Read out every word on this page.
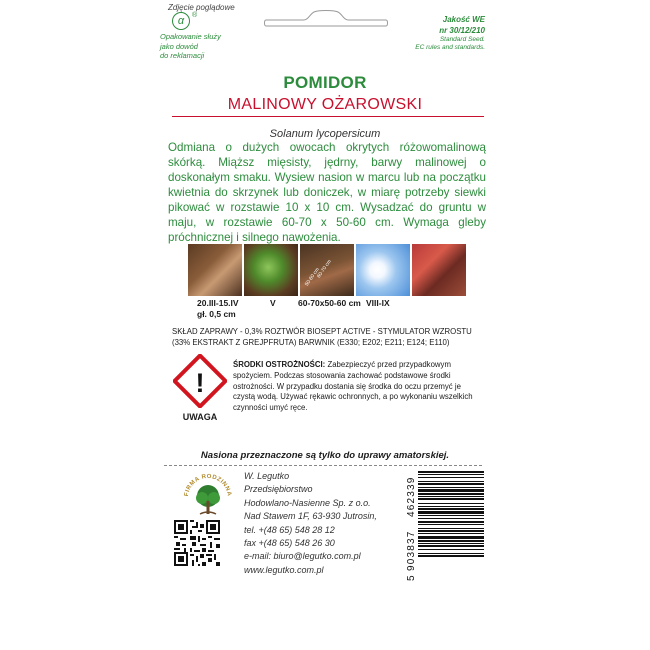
Zdjęcie poglądowe
α	®
Opakowanie służy
jako dowód
do reklamacji
Jakość WE
nr 30/12/210
Standard Seed.
EC rules and standards.
POMIDOR
MALINOWY OŻAROWSKI
Solanum lycopersicum
Odmiana o dużych owocach okrytych różowomalinową skórką. Miąższ mięsisty, jędrny, barwy malinowej o doskonałym smaku. Wysiew nasion w marcu lub na początku kwietnia do skrzynek lub doniczek, w miarę potrzeby siewki pikować w rozstawie 10 x 10 cm. Wysadzać do gruntu w maju, w rozstawie 60-70 x 50-60 cm. Wymaga gleby próchnicznej i silnego nawożenia.
60-70 cm
50-60 cm
20.III-15.IV
gł. 0,5 cm
V	60-70x50-60 cm VIII-IX
SKŁAD ZAPRAWY - 0,3% ROZTWÓR BIOSEPT ACTIVE - STYMULATOR WZROSTU (33% EKSTRAKT Z GREJPFRUTA) BARWNIK (E330; E202; E211; E124; E110)
!
UWAGA
ŚRODKI OSTROŻNOŚCI: Zabezpieczyć przed przypadkowym spożyciem. Podczas stosowania zachować podstawowe środki ostrożności. W przypadku dostania się środka do oczu przemyć je czystą wodą. Używać rękawic ochronnych, a po wykonaniu wszelkich czynności umyć ręce.
Nasiona przeznaczone są tylko do uprawy amatorskiej.
FIRMA RODZINNA
W. Legutko
Przedsiębiorstwo
Hodowlano-Nasienne Sp. z o.o.
Nad Stawem 1F, 63-930 Jutrosin,
tel. +(48 65) 548 28 12
fax +(48 65) 548 26 30
e-mail: biuro@legutko.com.pl
www.legutko.com.pl
5
903837
462339
